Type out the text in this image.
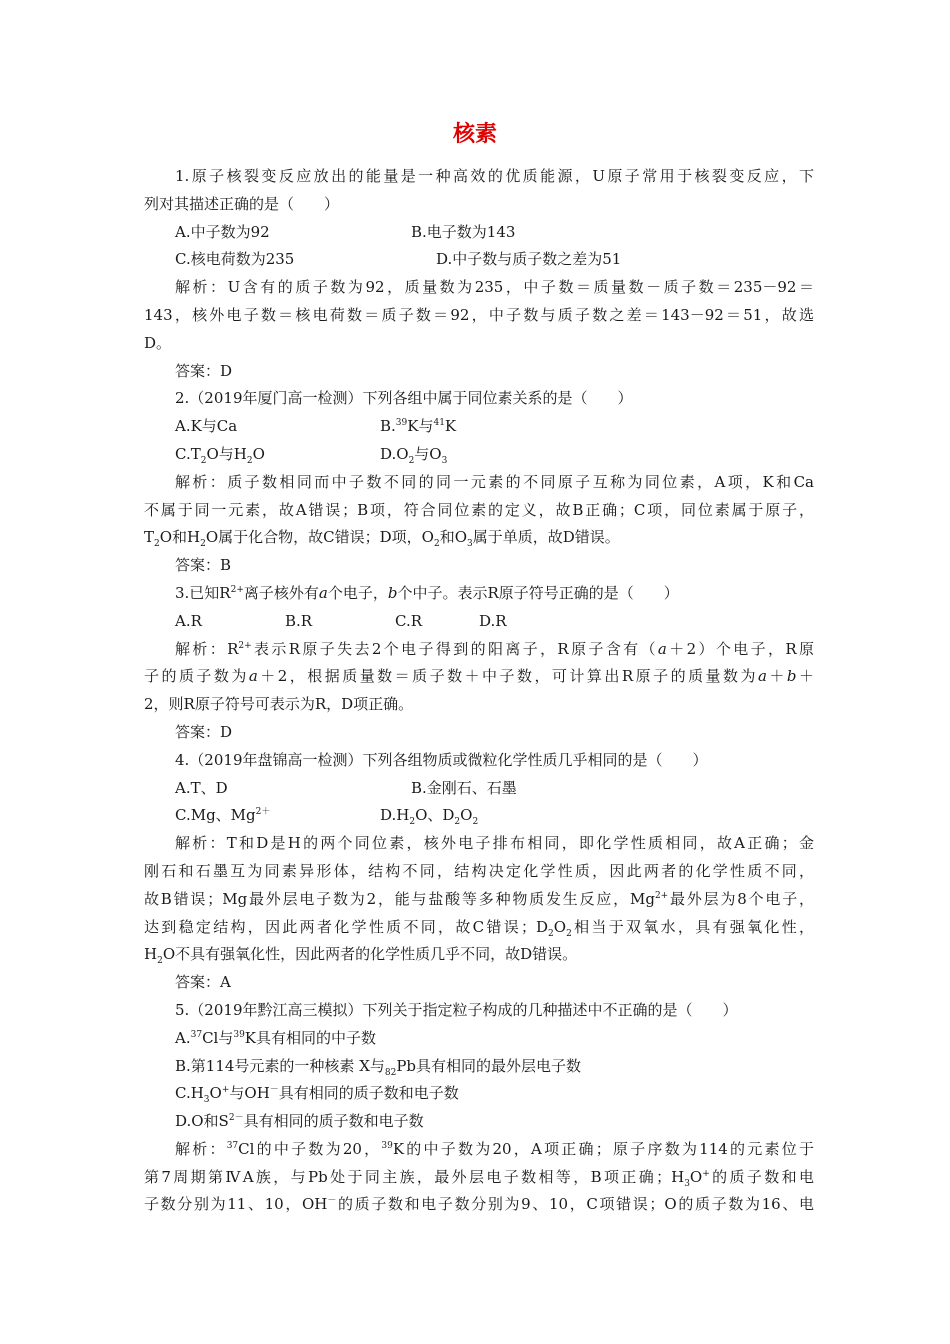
核素
1.原子核裂变反应放出的能量是一种高效的优质能源，U原子常用于核裂变反应，下
列对其描述正确的是（　　）
A.中子数为92	B.电子数为143
C.核电荷数为235	D.中子数与质子数之差为51
解析：U含有的质子数为92，质量数为235，中子数＝质量数－质子数＝235－92＝
143，核外电子数＝核电荷数＝质子数＝92，中子数与质子数之差＝143－92＝51，故选
D。
答案：D
2.（2019年厦门高一检测）下列各组中属于同位素关系的是（　　）
A.K与Ca	B.$^{39}$K与$^{41}$K
$C.T_2O$与$H_2O$	$D.O_2$与$O_3$
解析：质子数相同而中子数不同的同一元素的不同原子互称为同位素，A项，K和Ca
不属于同一元素，故A错误；B项，符合同位素的定义，故B正确；C项，同位素属于原子，
$T_2O$和$H_2O$属于化合物，故C错误；D项，$O_2$和$O_3$属于单质，故D错误。
答案：B
3.已知$R^{2+}$离子核外有a个电子，b个中子。表示R原子符号正确的是（　　）
A.R	B.R	C.R	D.R
解析：$R^{2+}$表示R原子失去2个电子得到的阳离子，R原子含有（a＋2）个电子，R原
子的质子数为a＋2，根据质量数＝质子数＋中子数，可计算出R原子的质量数为a＋b＋
2，则R原子符号可表示为R，D项正确。
答案：D
4.（2019年盘锦高一检测）下列各组物质或微粒化学性质几乎相同的是（　　）
A.T、D	B.金刚石、石墨
C.Mg、$Mg^{2+}$	$D.H_2O$、$D_2O_2$
解析：T和D是H的两个同位素，核外电子排布相同，即化学性质相同，故A正确；金
刚石和石墨互为同素异形体，结构不同，结构决定化学性质，因此两者的化学性质不同，
故B错误；Mg最外层电子数为2，能与盐酸等多种物质发生反应，$Mg^{2+}$最外层为8个电子，
达到稳定结构，因此两者化学性质不同，故C错误；$D_2O_2$相当于双氧水，具有强氧化性，
$H_2O$不具有强氧化性，因此两者的化学性质几乎不同，故D错误。
答案：A
5.（2019年黔江高三模拟）下列关于指定粒子构成的几种描述中不正确的是（　　）
A.$^{37}$Cl与$^{39}$K具有相同的中子数
B.第114号元素的一种核素 X与$_{82}$Pb具有相同的最外层电子数
$C.H_3O^+$与OH－具有相同的质子数和电子数
D.O和$S^{2-}$具有相同的质子数和电子数
解析：$^{37}$Cl的中子数为20，$^{39}$K的中子数为20，A项正确；原子序数为114的元素位于
第7周期第ⅣA族，与Pb处于同主族，最外层电子数相等，B项正确；$H_3O^+$的质子数和电
子数分别为11、10，OH－的质子数和电子数分别为9、10，C项错误；O的质子数为16、电
